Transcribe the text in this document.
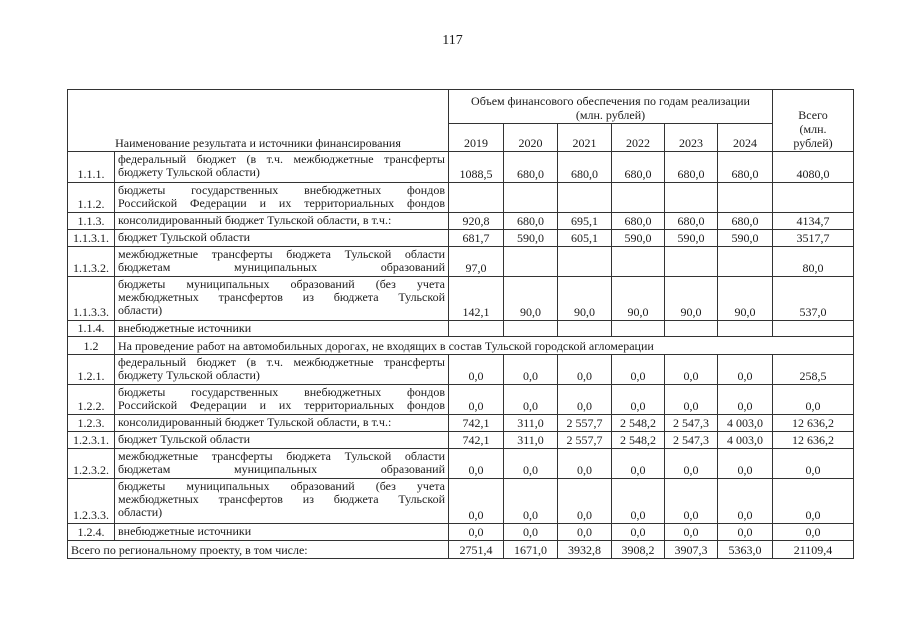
117
Наименование результата и источники финансирования		Объем финансового обеспечения по годам реализации
(млн. рублей)						Всего
(млн.
рублей)

		2019	2020	2021	2022	2023	2024	
1.1.1.	федеральный бюджет (в т.ч. межбюджетные трансферты
бюджету Тульской области)	1088,5	680,0	680,0	680,0	680,0	680,0	4080,0
1.1.2.	бюджеты государственных внебюджетных фондов
Российской Федерации и их территориальных фондов							

1.1.3.	консолидированный бюджет Тульской области, в т.ч.:	920,8	680,0	695,1	680,0	680,0	680,0	4134,7
1.1.3.1.	бюджет Тульской области	681,7	590,0	605,1	590,0	590,0	590,0	3517,7
1.1.3.2.	межбюджетные трансферты бюджета Тульской области
бюджетам муниципальных образований	97,0						80,0
1.1.3.3.	бюджеты муниципальных образований (без учета
межбюджетных трансфертов из бюджета Тульской
области)	142,1	90,0	90,0	90,0	90,0	90,0	537,0
1.1.4.	внебюджетные источники							

1.2	На проведение работ на автомобильных дорогах, не входящих в состав Тульской городской агломерации							
1.2.1.	федеральный бюджет (в т.ч. межбюджетные трансферты
бюджету Тульской области)	0,0	0,0	0,0	0,0	0,0	0,0	258,5
1.2.2.	бюджеты государственных внебюджетных фондов
Российской Федерации и их территориальных фондов	0,0	0,0	0,0	0,0	0,0	0,0	0,0
1.2.3.	консолидированный бюджет Тульской области, в т.ч.:	742,1	311,0	2 557,7	2 548,2	2 547,3	4 003,0	12 636,2
1.2.3.1.	бюджет Тульской области	742,1	311,0	2 557,7	2 548,2	2 547,3	4 003,0	12 636,2
1.2.3.2.	межбюджетные трансферты бюджета Тульской области
бюджетам муниципальных образований	0,0	0,0	0,0	0,0	0,0	0,0	0,0
1.2.3.3.	бюджеты муниципальных образований (без учета
межбюджетных трансфертов из бюджета Тульской
области)	0,0	0,0	0,0	0,0	0,0	0,0	0,0
1.2.4.	внебюджетные источники	0,0	0,0	0,0	0,0	0,0	0,0	0,0
Всего по региональному проекту, в том числе:		2751,4	1671,0	3932,8	3908,2	3907,3	5363,0	21109,4
